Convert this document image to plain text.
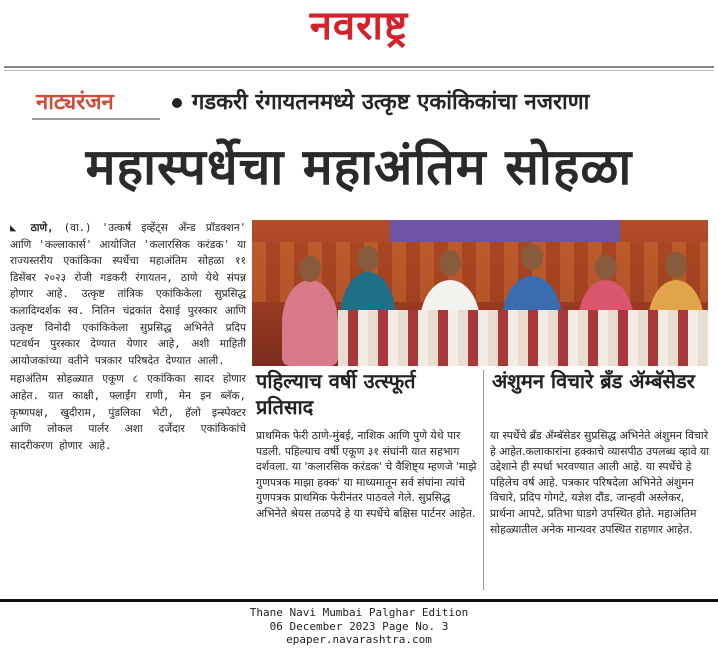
नवराष्ट्र
नाट्यरंजन	गडकरी रंगायतनमध्ये उत्कृष्ट एकांकिकांचा नजराणा
महास्पर्धेचा महाअंतिम सोहळा

◣ ठाणे, (वा.) 'उत्कर्ष इव्हेंट्स अँन्ड प्रॉडक्शन' आणि 'कल्लाकार्स' आयोजित 'कलारसिक करंडक' या राज्यस्तरीय एकांकिका स्पर्धेचा महाअंतिम सोहळा ११ डिसेंबर २०२३ रोजी गडकरी रंगायतन, ठाणे येथे संपन्न होणार आहे. उत्कृष्ट तांत्रिक एकांकिकेला सुप्रसिद्ध कलादिग्दर्शक स्व. नितिन चंद्रकांत देसाई पुरस्कार आणि उत्कृष्ट विनोदी एकांकिकेला सुप्रसिद्ध अभिनेते प्रदिप पटवर्धन पुरस्कार देण्यात येणार आहे, अशी माहिती आयोजकांच्या वतीने पत्रकार परिषदेत देण्यात आली.

महाअंतिम सोहळ्यात एकूण ८ एकांकिका सादर होणार आहेत. यात काक्षी, फ्लाईंग राणी, मेन इन ब्लॅक, कृष्णपक्ष, खुदीराम, पुंडलिका भेटी, हॅलो इन्स्पेक्टर आणि लोकल पार्लर अशा दर्जेदार एकांकिकांचे सादरीकरण होणार आहे.

पहिल्याच वर्षी उत्स्फूर्त प्रतिसाद
प्राथमिक फेरी ठाणे-मुंबई, नाशिक आणि पुणे येथे पार पडली. पहिल्याच वर्षी एकूण ३१ संघांनी यात सहभाग दर्शवला. या 'कलारसिक करंडक' चे वैशिष्ट्य म्हणजे 'माझे गुणपत्रक माझा हक्क' या माध्यमातून सर्व संघांना त्यांचे गुणपत्रक प्राथमिक फेरीनंतर पाठवले गेले. सुप्रसिद्ध अभिनेते श्रेयस तळपदे हे या स्पर्धेचे बक्षिस पार्टनर आहेत.
अंशुमन विचारे ब्रँड ॲम्बॅसेडर
या स्पर्धेचे ब्रँड ॲम्बॅसेडर सुप्रसिद्ध अभिनेते अंशुमन विचारे हे आहेत.कलाकारांना हक्काचे व्यासपीठ उपलब्ध व्हावे या उद्देशाने ही स्पर्धा भरवण्यात आली आहे. या स्पर्धेचे हे पहिलेच वर्ष आहे. पत्रकार परिषदेला अभिनेते अंशुमन विचारे, प्रदिप गोगटे, यज्ञेश दौंड, जान्हवी अस्लेकर, प्रार्थना आपटे, प्रतिभा घाडगे उपस्थित होते. महाअंतिम सोहळ्यातील अनेक मान्यवर उपस्थित राहणार आहेत.
Thane Navi Mumbai Palghar Edition
06 December 2023 Page No. 3
epaper.navarashtra.com
